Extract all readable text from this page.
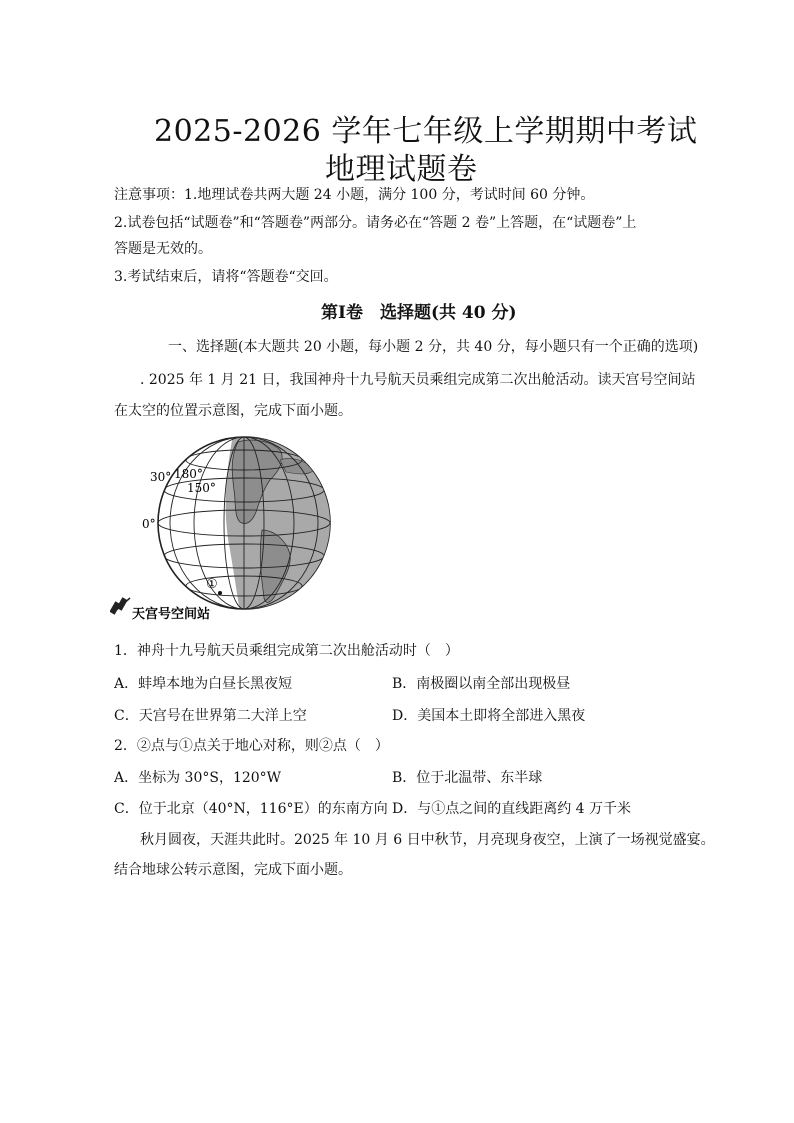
2025-2026 学年七年级上学期期中考试
地理试题卷
注意事项：1.地理试卷共两大题 24 小题，满分 100 分，考试时间 60 分钟。
2.试卷包括“试题卷”和“答题卷”两部分。请务必在“答题 2 卷”上答题，在“试题卷”上
答题是无效的。
3.考试结束后，请将“答题卷“交回。
第Ⅰ卷　选择题(共 40 分)
一、选择题(本大题共 20 小题，每小题 2 分，共 40 分，每小题只有一个正确的选项)
. 2025 年 1 月 21 日，我国神舟十九号航天员乘组完成第二次出舱活动。读天宫号空间站
在太空的位置示意图，完成下面小题。
①
30° 180°
150°
0°
天宫号空间站
1．神舟十九号航天员乘组完成第二次出舱活动时（　）
A．蚌埠本地为白昼长黑夜短	B．南极圈以南全部出现极昼
C．天宫号在世界第二大洋上空	D．美国本土即将全部进入黑夜
2．②点与①点关于地心对称，则②点（　）
A．坐标为 30°S，120°W	B．位于北温带、东半球
C．位于北京（40°N，116°E）的东南方向 D．与①点之间的直线距离约 4 万千米
秋月圆夜，天涯共此时。2025 年 10 月 6 日中秋节，月亮现身夜空，上演了一场视觉盛宴。
结合地球公转示意图，完成下面小题。
